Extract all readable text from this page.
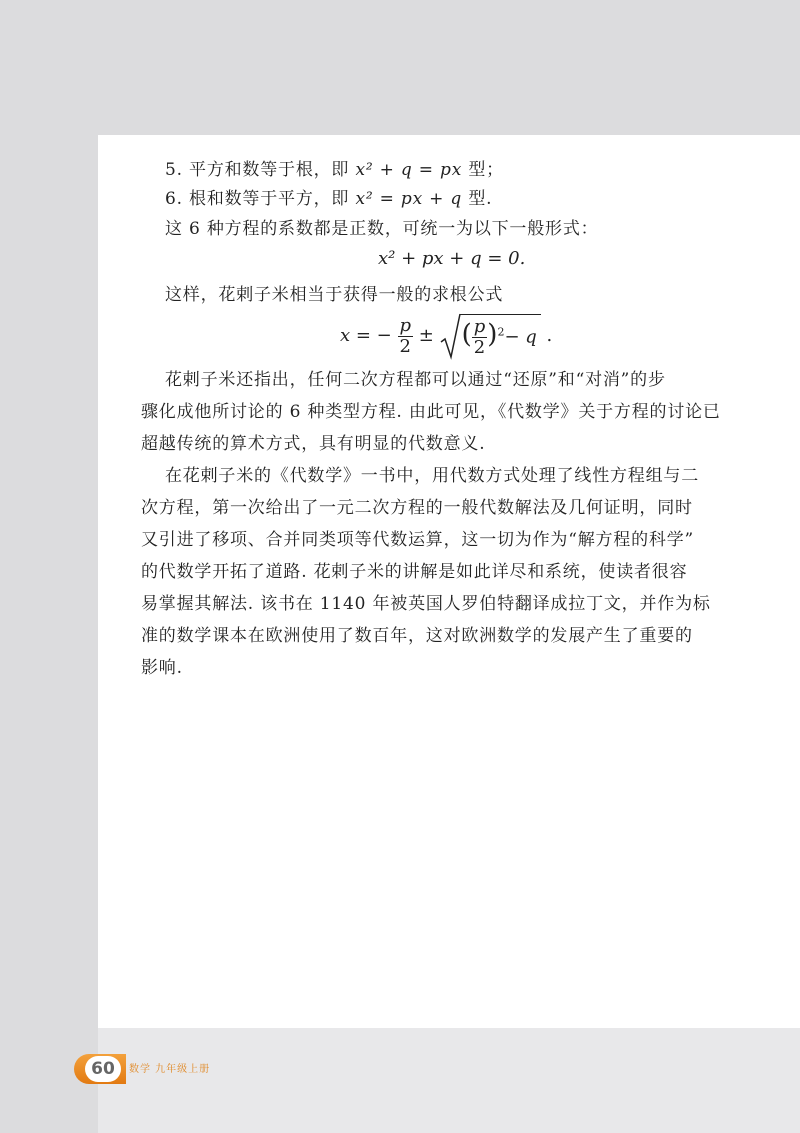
5. 平方和数等于根，即 x² + q = px 型；
6. 根和数等于平方，即 x² = px + q 型.
这 6 种方程的系数都是正数，可统一为以下一般形式：
x² + px + q = 0.
这样，花剌子米相当于获得一般的求根公式
x = − $\frac{p}{2}$ ± ( $\frac{p}{2} )^2- q$ .
花剌子米还指出，任何二次方程都可以通过“还原”和“对消”的步
骤化成他所讨论的 6 种类型方程. 由此可见，《代数学》关于方程的讨论已
超越传统的算术方式，具有明显的代数意义.
在花剌子米的《代数学》一书中，用代数方式处理了线性方程组与二
次方程，第一次给出了一元二次方程的一般代数解法及几何证明，同时
又引进了移项、合并同类项等代数运算，这一切为作为“解方程的科学”
的代数学开拓了道路. 花剌子米的讲解是如此详尽和系统，使读者很容
易掌握其解法. 该书在 1140 年被英国人罗伯特翻译成拉丁文，并作为标
准的数学课本在欧洲使用了数百年，这对欧洲数学的发展产生了重要的
影响.
60	数学 九年级上册
